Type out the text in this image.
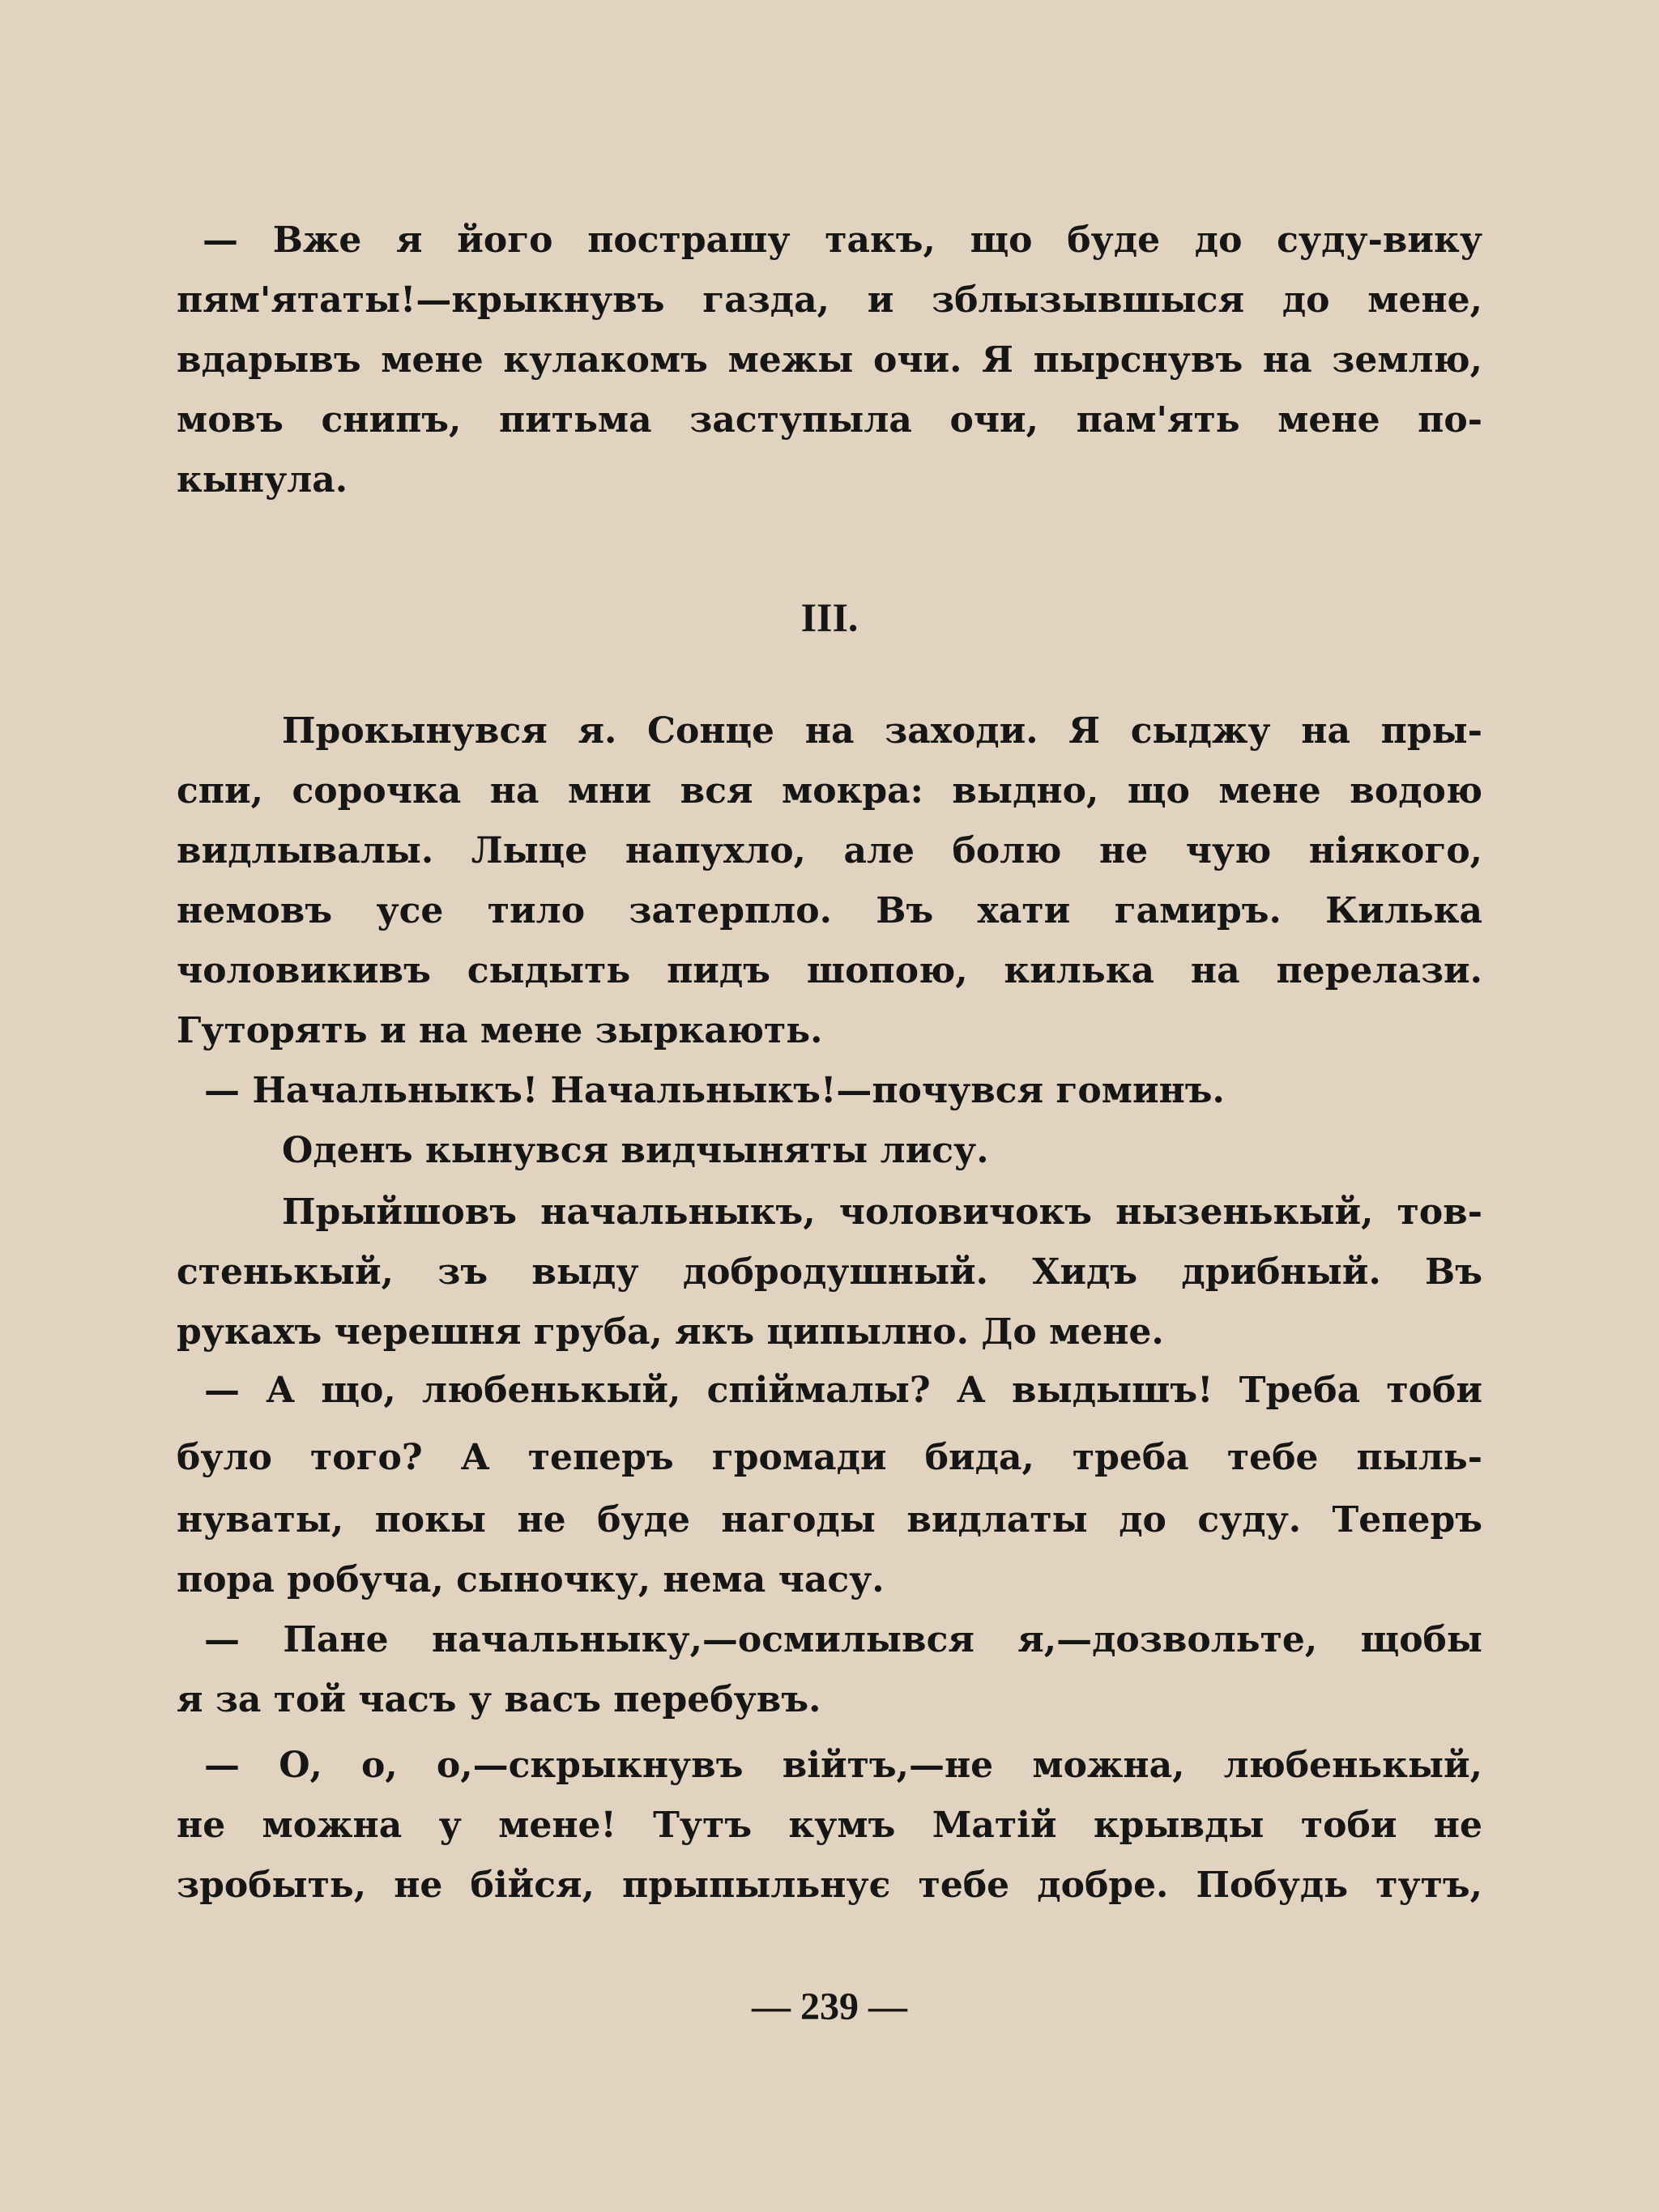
— Вже я його пострашу такъ, що буде до суду-вику
пям'ятаты!—крыкнувъ газда, и зблызывшыся до мене,
вдарывъ мене кулакомъ межы очи. Я пырснувъ на землю,
мовъ снипъ, питьма заступыла очи, пам'ять мене по-
кынула.
III.
Прокынувся я. Сонце на заходи. Я сыджу на пры-
спи, сорочка на мни вся мокра: выдно, що мене водою
видлывалы. Лыце напухло, але болю не чую ніякого,
немовъ усе тило затерпло. Въ хати гамиръ. Килька
чоловикивъ сыдыть пидъ шопою, килька на перелази.
Гуторять и на мене зыркають.
— Начальныкъ! Начальныкъ!—почувся гоминъ.
Оденъ кынувся видчыняты лису.
Прыйшовъ начальныкъ, чоловичокъ нызенькый, тов-
стенькый, зъ выду добродушный. Хидъ дрибный. Въ
рукахъ черешня груба, якъ ципылно. До мене.
— А що, любенькый, спіймалы? А выдышъ! Треба тоби
було того? А теперъ громади бида, треба тебе пыль-
нуваты, покы не буде нагоды видлаты до суду. Теперъ
пора робуча, сыночку, нема часу.
— Пане начальныку,—осмилывся я,—дозвольте, щобы
я за той часъ у васъ перебувъ.
— О, о, о,—скрыкнувъ війтъ,—не можна, любенькый,
не можна у мене! Тутъ кумъ Матій крывды тоби не
зробыть, не бійся, прыпыльнує тебе добре. Побудь тутъ,
— 239 —
